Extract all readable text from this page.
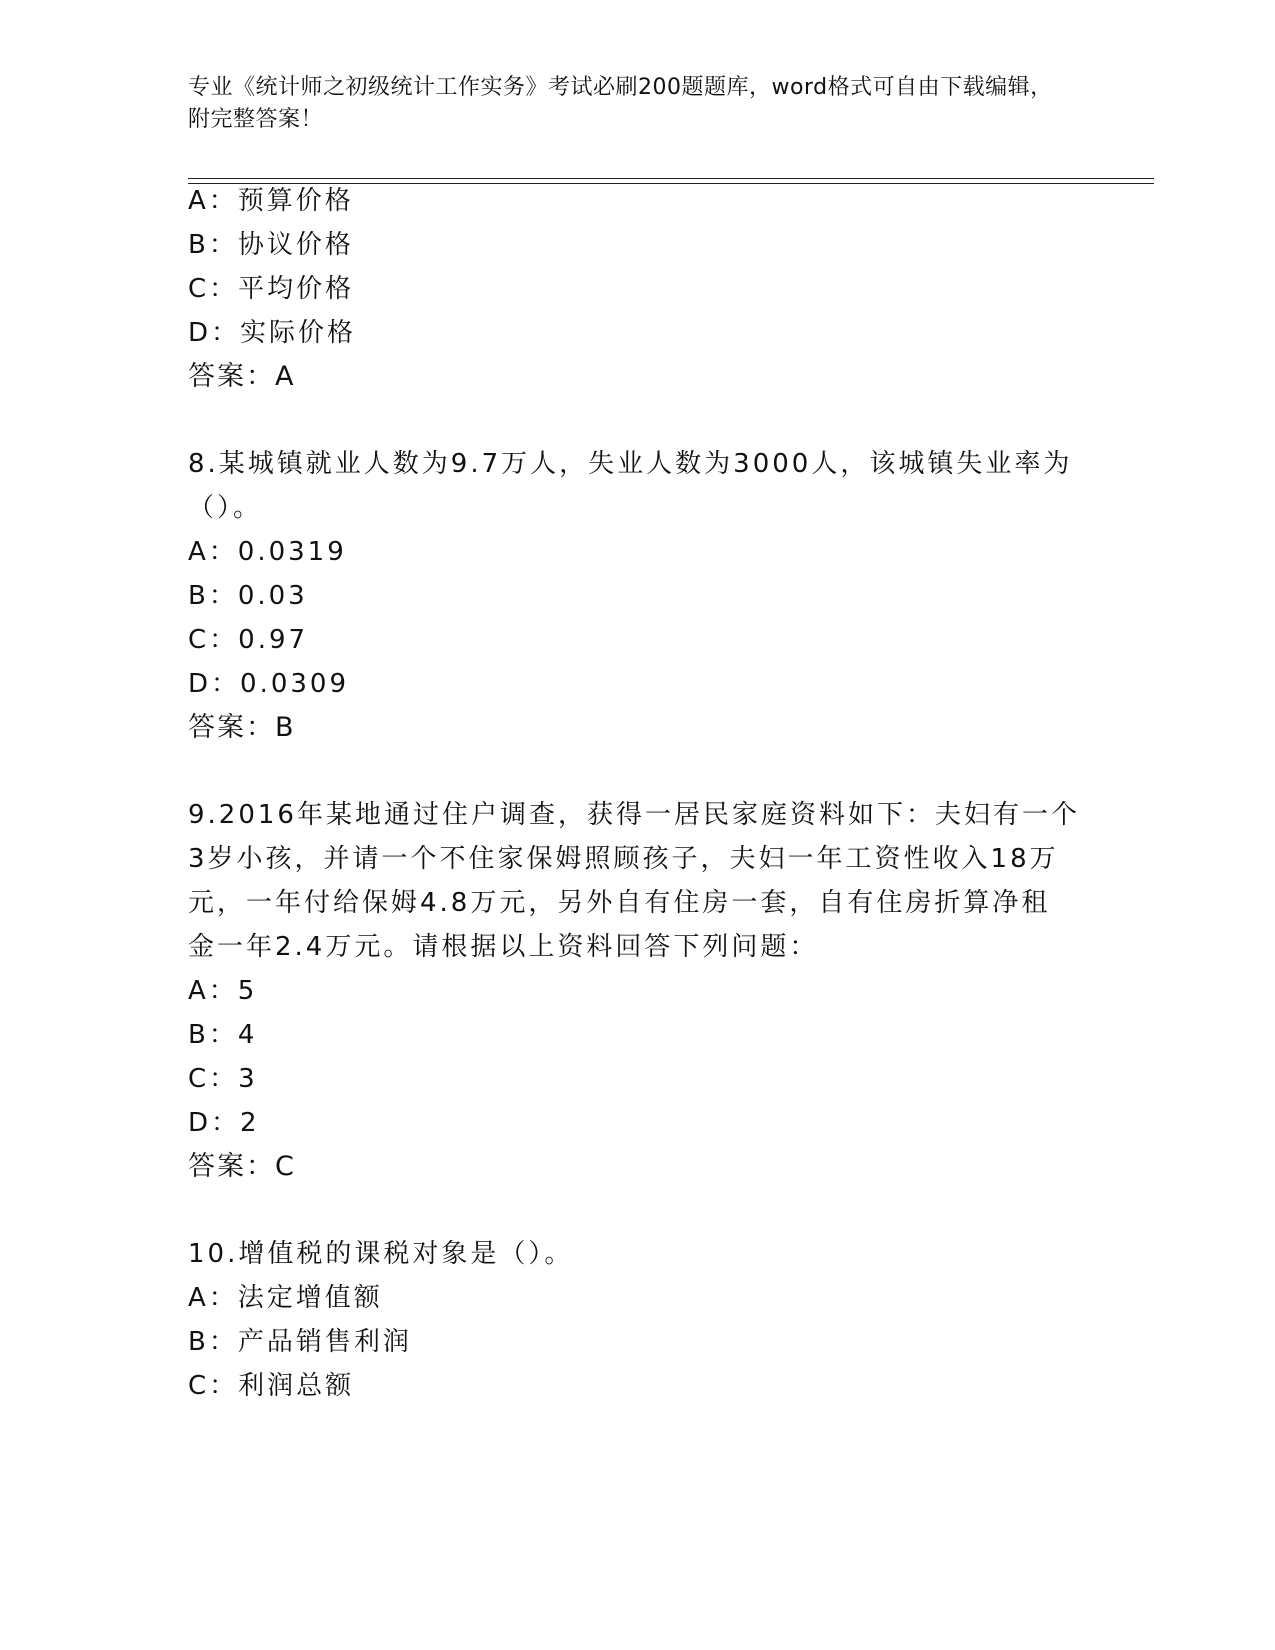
专业《统计师之初级统计工作实务》考试必刷200题题库，word格式可自由下载编辑，附完整答案！
A：预算价格
B：协议价格
C：平均价格
D：实际价格
答案：A
8.某城镇就业人数为9.7万人，失业人数为3000人，该城镇失业率为
（）。
A：0.0319
B：0.03
C：0.97
D：0.0309
答案：B
9.2016年某地通过住户调查，获得一居民家庭资料如下：夫妇有一个
3岁小孩，并请一个不住家保姆照顾孩子，夫妇一年工资性收入18万
元，一年付给保姆4.8万元，另外自有住房一套，自有住房折算净租
金一年2.4万元。请根据以上资料回答下列问题：
A：5
B：4
C：3
D：2
答案：C
10.增值税的课税对象是（）。
A：法定增值额
B：产品销售利润
C：利润总额
